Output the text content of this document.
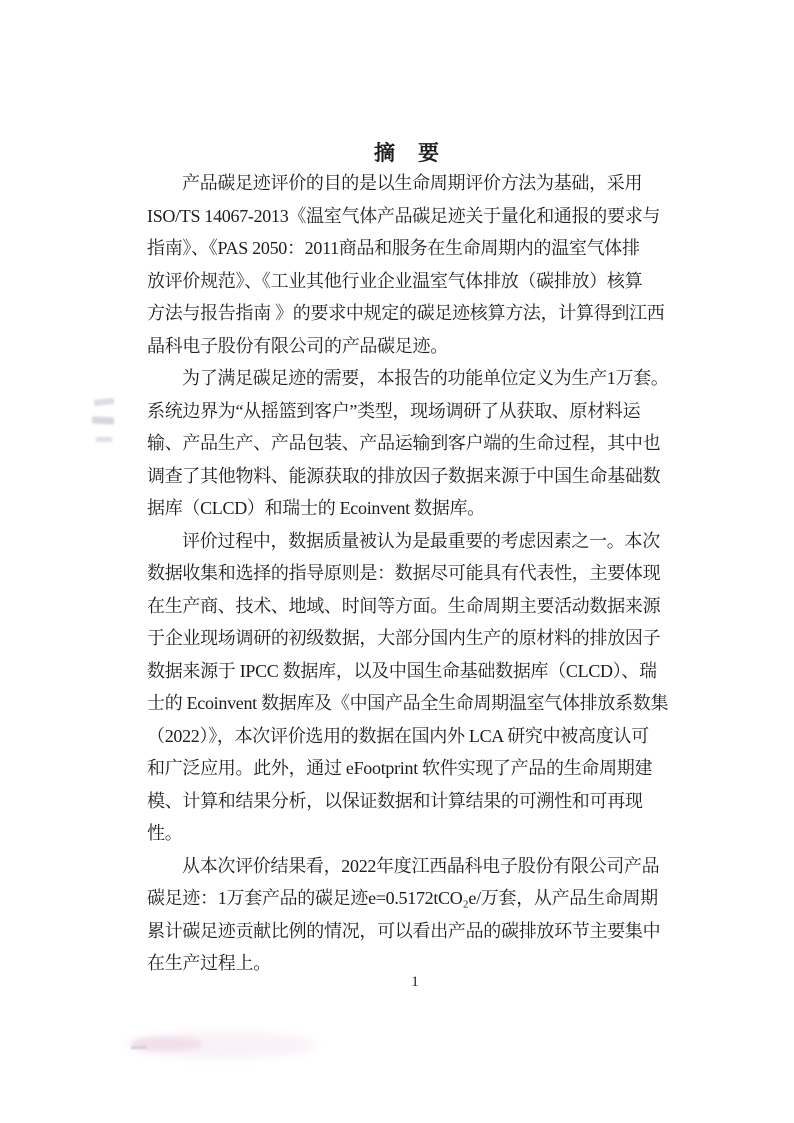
摘　要
产品碳足迹评价的目的是以生命周期评价方法为基础，采用
ISO/TS 14067-2013《温室气体产品碳足迹关于量化和通报的要求与
指南》、《PAS 2050：2011商品和服务在生命周期内的温室气体排
放评价规范》、《工业其他行业企业温室气体排放（碳排放）核算
方法与报告指南 》的要求中规定的碳足迹核算方法，计算得到江西
晶科电子股份有限公司的产品碳足迹。
为了满足碳足迹的需要，本报告的功能单位定义为生产1万套。
系统边界为“从摇篮到客户”类型，现场调研了从获取、原材料运
输、产品生产、产品包装、产品运输到客户端的生命过程，其中也
调查了其他物料、能源获取的排放因子数据来源于中国生命基础数
据库（CLCD）和瑞士的 Ecoinvent 数据库。
评价过程中，数据质量被认为是最重要的考虑因素之一。本次
数据收集和选择的指导原则是：数据尽可能具有代表性，主要体现
在生产商、技术、地域、时间等方面。生命周期主要活动数据来源
于企业现场调研的初级数据，大部分国内生产的原材料的排放因子
数据来源于 IPCC 数据库，以及中国生命基础数据库（CLCD）、瑞
士的 Ecoinvent 数据库及《中国产品全生命周期温室气体排放系数集
（2022）》，本次评价选用的数据在国内外 LCA 研究中被高度认可
和广泛应用。此外，通过 eFootprint 软件实现了产品的生命周期建
模、计算和结果分析，以保证数据和计算结果的可溯性和可再现
性。
从本次评价结果看，2022年度江西晶科电子股份有限公司产品
碳足迹：1万套产品的碳足迹e=0.5172tCO₂e/万套，从产品生命周期
累计碳足迹贡献比例的情况，可以看出产品的碳排放环节主要集中
在生产过程上。
1
